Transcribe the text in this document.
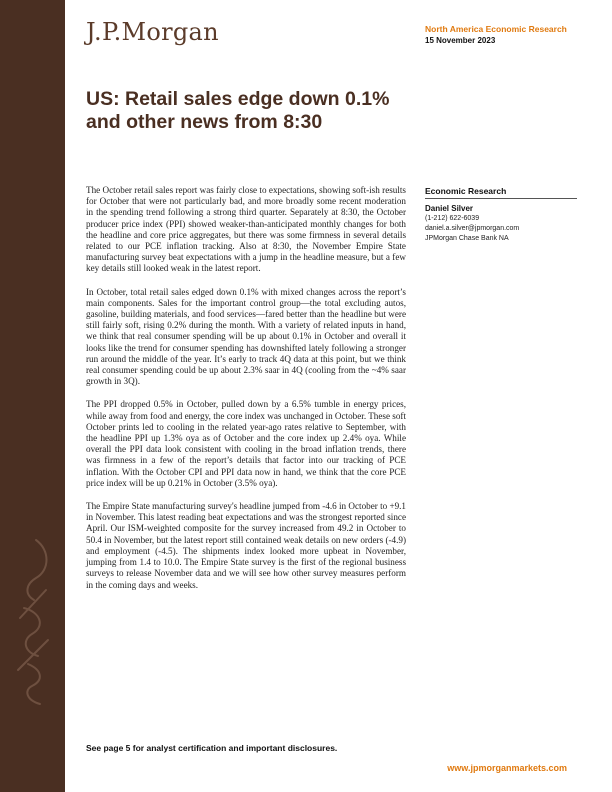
J.P.Morgan	North America Economic Research
15 November 2023
US: Retail sales edge down 0.1% and other news from 8:30

The October retail sales report was fairly close to expectations, showing soft-ish results for October that were not particularly bad, and more broadly some recent moderation in the spending trend following a strong third quarter. Separately at 8:30, the October producer price index (PPI) showed weaker-than-anticipated monthly changes for both the headline and core price aggregates, but there was some firmness in several details related to our PCE inflation tracking. Also at 8:30, the November Empire State manufacturing survey beat expectations with a jump in the headline measure, but a few key details still looked weak in the latest report.

In October, total retail sales edged down 0.1% with mixed changes across the report’s main components. Sales for the important control group—the total excluding autos, gasoline, building materials, and food services—fared better than the headline but were still fairly soft, rising 0.2% during the month. With a variety of related inputs in hand, we think that real consumer spending will be up about 0.1% in October and overall it looks like the trend for consumer spending has downshifted lately following a stronger run around the middle of the year. It’s early to track 4Q data at this point, but we think real consumer spending could be up about 2.3% saar in 4Q (cooling from the ~4% saar growth in 3Q).

The PPI dropped 0.5% in October, pulled down by a 6.5% tumble in energy prices, while away from food and energy, the core index was unchanged in October. These soft October prints led to cooling in the related year-ago rates relative to September, with the headline PPI up 1.3% oya as of October and the core index up 2.4% oya. While overall the PPI data look consistent with cooling in the broad inflation trends, there was firmness in a few of the report’s details that factor into our tracking of PCE inflation. With the October CPI and PPI data now in hand, we think that the core PCE price index will be up 0.21% in October (3.5% oya).

The Empire State manufacturing survey's headline jumped from -4.6 in October to +9.1 in November. This latest reading beat expectations and was the strongest reported since April. Our ISM-weighted composite for the survey increased from 49.2 in October to 50.4 in November, but the latest report still contained weak details on new orders (-4.9) and employment (-4.5). The shipments index looked more upbeat in November, jumping from 1.4 to 10.0. The Empire State survey is the first of the regional business surveys to release November data and we will see how other survey measures perform in the coming days and weeks.

Economic Research
Daniel Silver
(1-212) 622-6039
daniel.a.silver@jpmorgan.com
JPMorgan Chase Bank NA
See page 5 for analyst certification and important disclosures.
www.jpmorganmarkets.com
